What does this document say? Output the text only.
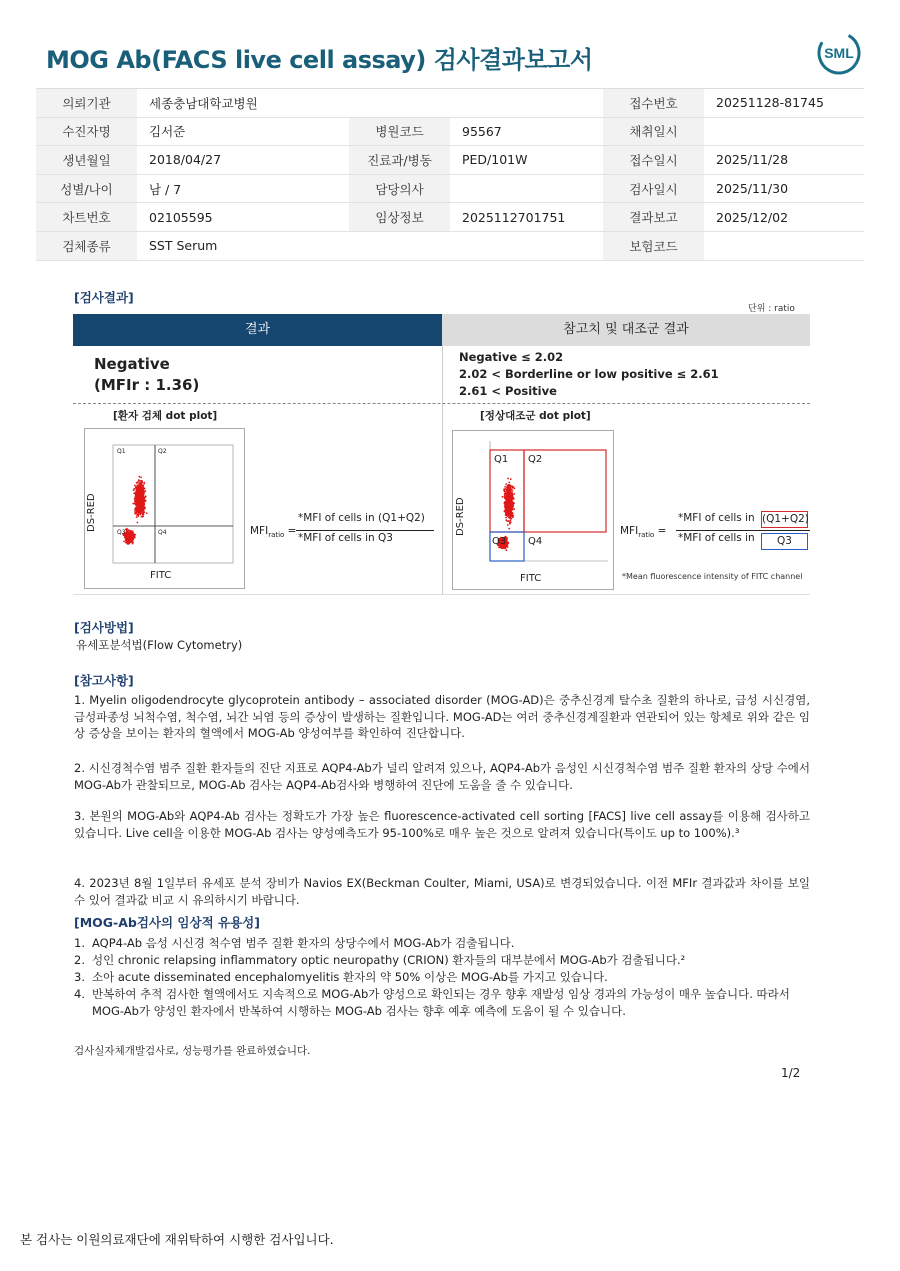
MOG Ab(FACS live cell assay) 검사결과보고서	SML
의뢰기관	세종충남대학교병원			접수번호	20251128-81745
수진자명	김서준	병원코드	95567	채취일시	
생년월일	2018/04/27	진료과/병동	PED/101W	접수일시	2025/11/28
성별/나이	남 / 7	담당의사		검사일시	2025/11/30
차트번호	02105595	임상정보	2025112701751	결과보고	2025/12/02
검체종류	SST Serum			보험코드	
[검사결과]
단위 : ratio
결과	참고치 및 대조군 결과
Negative
(MFIr : 1.36)
Negative ≤ 2.02
2.02 < Borderline or low positive ≤ 2.61
2.61 < Positive
[환자 검체 dot plot]	[정상대조군 dot plot]
Q1	Q2
Q3	Q4
DS-RED
FITC
$MFI_{ratio}$ =
*MFI of cells in (Q1+Q2)
*MFI of cells in Q3
Q1 Q2
Q3 Q4
DS-RED
FITC
$MFI_{ratio}$ =
*MFI of cells in (Q1+Q2)
*MFI of cells in	Q3
*Mean fluorescence intensity of FITC channel
[검사방법]
유세포분석법(Flow Cytometry)
[참고사항]
1. Myelin oligodendrocyte glycoprotein antibody – associated disorder (MOG-AD)은 중추신경계 탈수초 질환의 하나로, 급성 시신경염, 급성파종성 뇌척수염, 척수염, 뇌간 뇌염 등의 증상이 발생하는 질환입니다. MOG-AD는 여러 중추신경계질환과 연관되어 있는 항체로 위와 같은 임상 증상을 보이는 환자의 혈액에서 MOG-Ab 양성여부를 확인하여 진단합니다.
2. 시신경척수염 범주 질환 환자들의 진단 지표로 AQP4-Ab가 널리 알려져 있으나, AQP4-Ab가 음성인 시신경척수염 범주 질환 환자의 상당 수에서 MOG-Ab가 관찰되므로, MOG-Ab 검사는 AQP4-Ab검사와 병행하여 진단에 도움을 줄 수 있습니다.
3. 본원의 MOG-Ab와 AQP4-Ab 검사는 정확도가 가장 높은 fluorescence-activated cell sorting [FACS] live cell assay를 이용해 검사하고 있습니다. Live cell을 이용한 MOG-Ab 검사는 양성예측도가 95-100%로 매우 높은 것으로 알려져 있습니다(특이도 up to 100%).³
4. 2023년 8월 1일부터 유세포 분석 장비가 Navios EX(Beckman Coulter, Miami, USA)로 변경되었습니다. 이전 MFIr 결과값과 차이를 보일 수 있어 결과값 비교 시 유의하시기 바랍니다.
[MOG-Ab검사의 임상적 유용성]
1. AQP4-Ab 음성 시신경 척수염 범주 질환 환자의 상당수에서 MOG-Ab가 검출됩니다.
2. 성인 chronic relapsing inflammatory optic neuropathy (CRION) 환자들의 대부분에서 MOG-Ab가 검출됩니다.²
3. 소아 acute disseminated encephalomyelitis 환자의 약 50% 이상은 MOG-Ab를 가지고 있습니다.
4. 반복하여 추적 검사한 혈액에서도 지속적으로 MOG-Ab가 양성으로 확인되는 경우 향후 재발성 임상 경과의 가능성이 매우 높습니다. 따라서 MOG-Ab가 양성인 환자에서 반복하여 시행하는 MOG-Ab 검사는 향후 예후 예측에 도움이 될 수 있습니다.
검사실자체개발검사로, 성능평가를 완료하였습니다.
1/2
본 검사는 이원의료재단에 재위탁하여 시행한 검사입니다.
